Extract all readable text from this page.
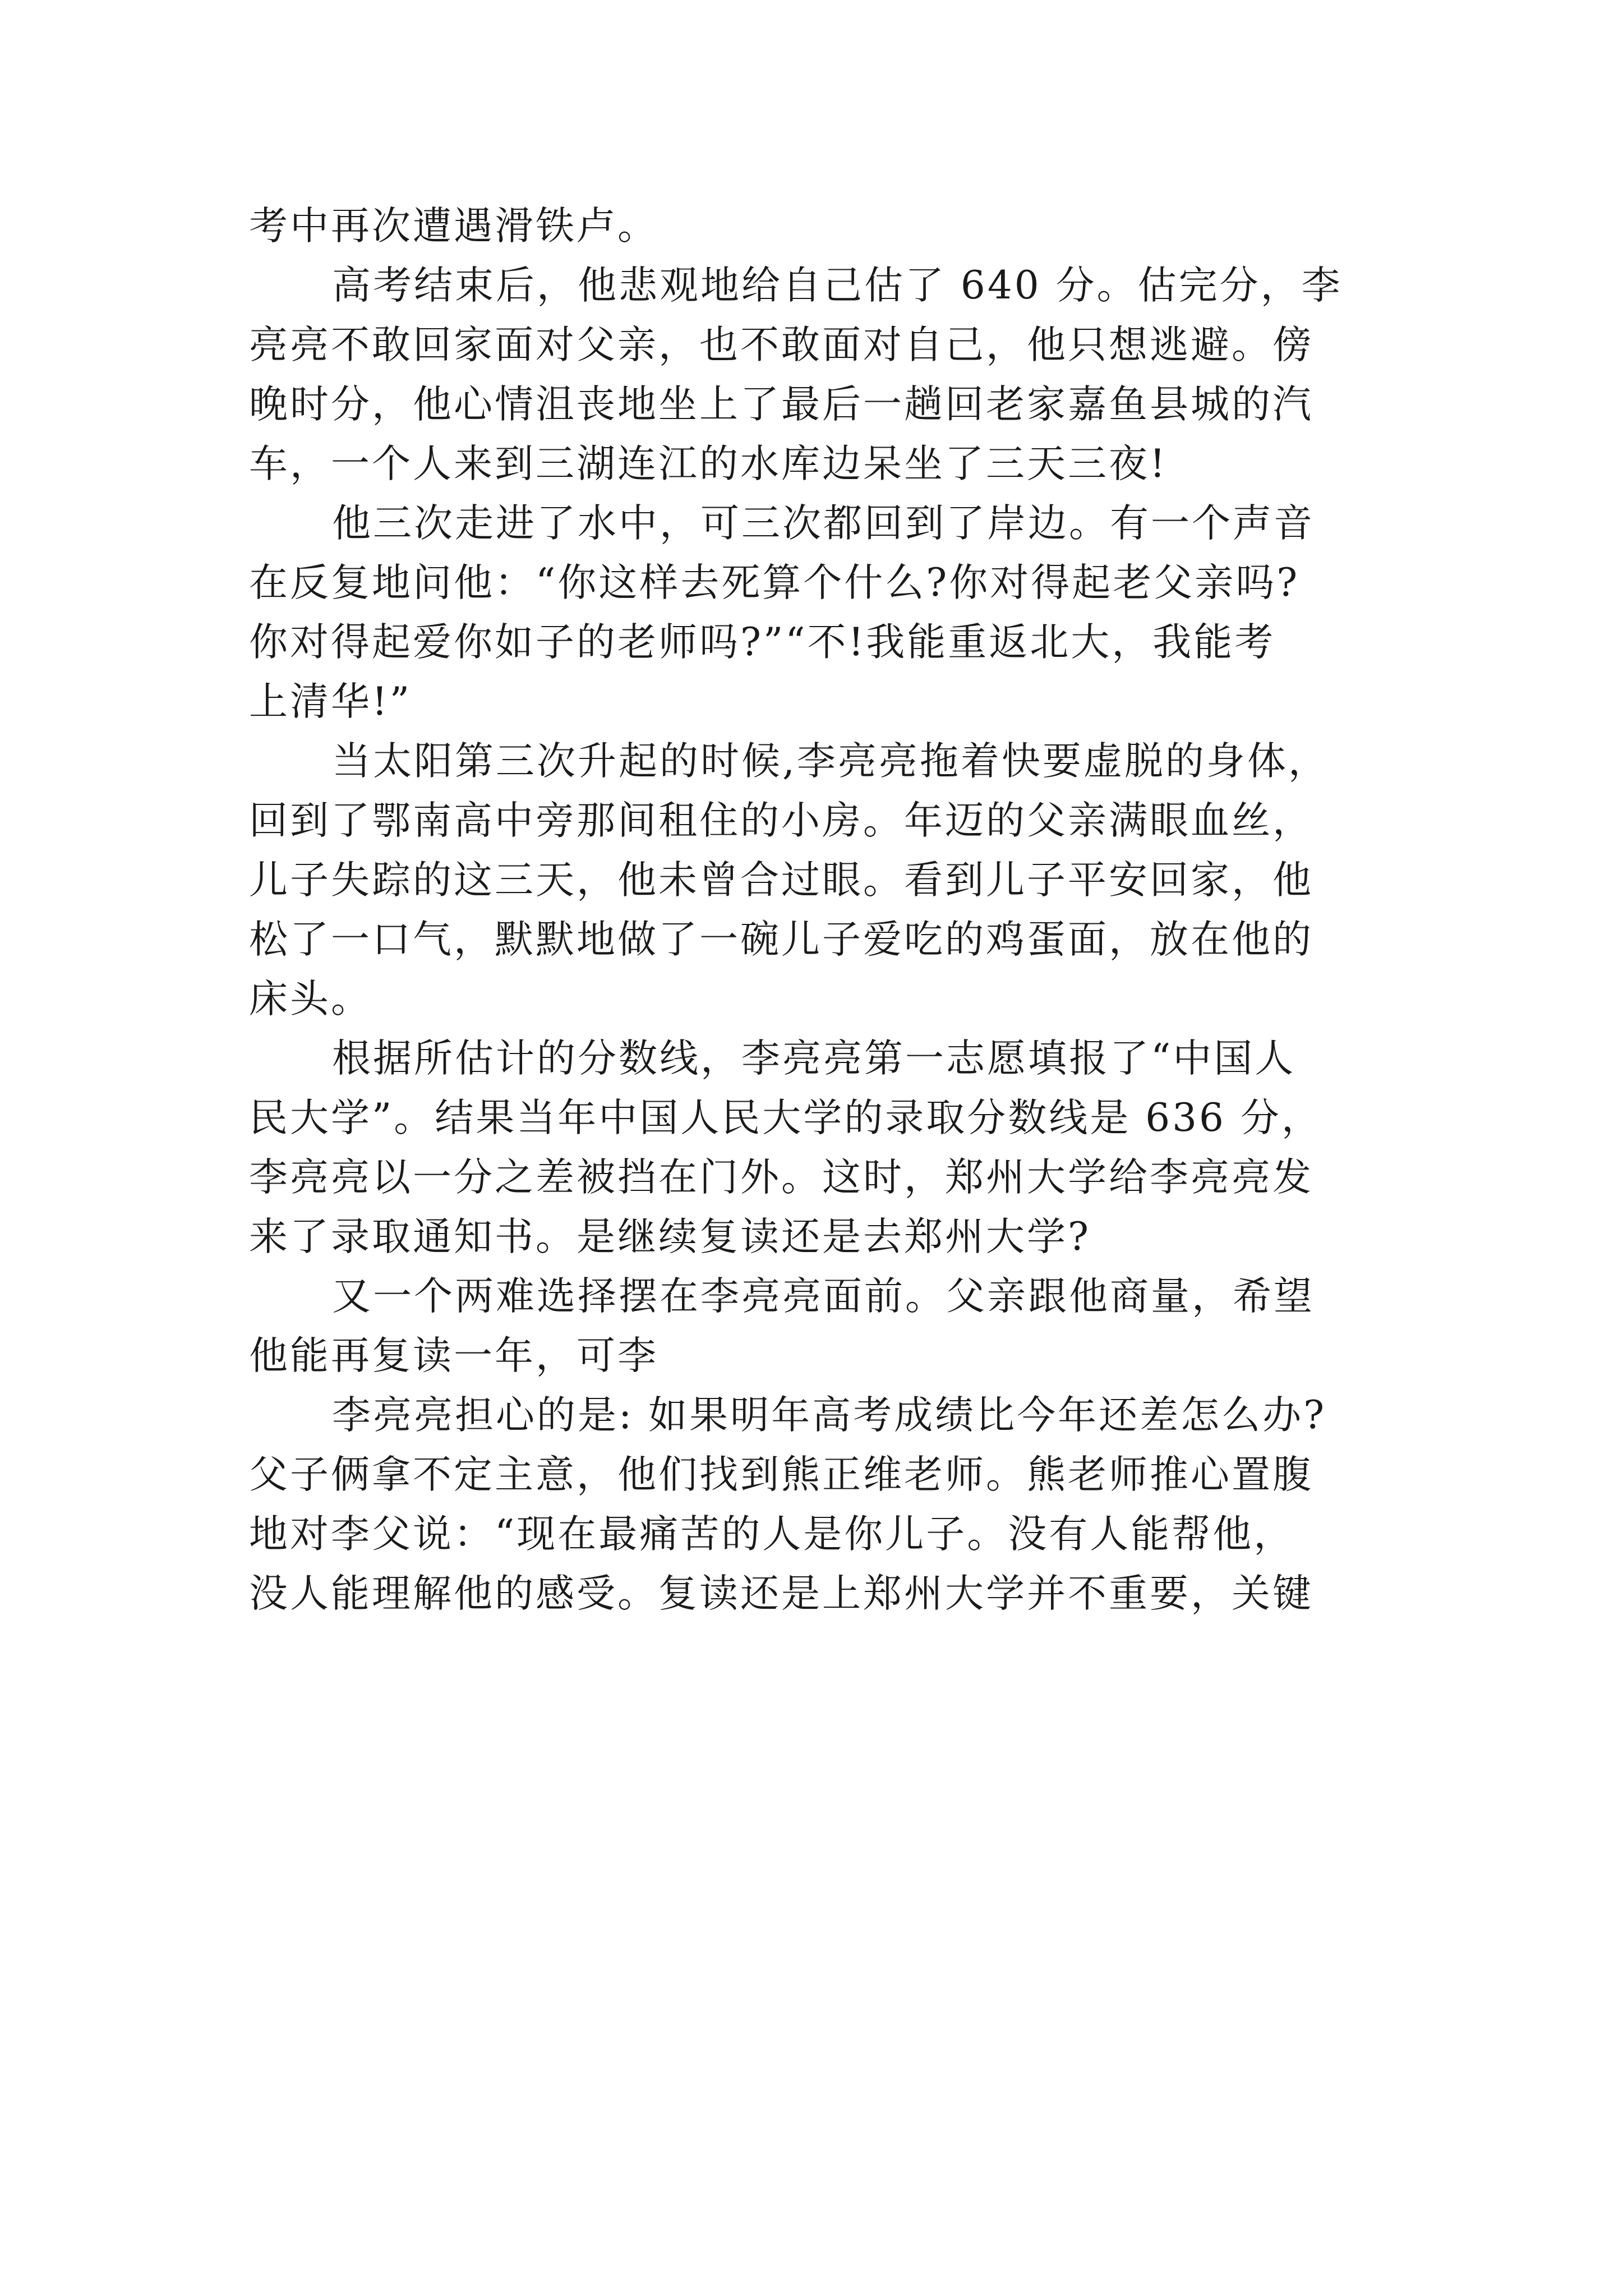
考中再次遭遇滑铁卢。
高考结束后，他悲观地给自己估了 640 分。估完分，李
亮亮不敢回家面对父亲，也不敢面对自己，他只想逃避。傍
晚时分，他心情沮丧地坐上了最后一趟回老家嘉鱼县城的汽
车，一个人来到三湖连江的水库边呆坐了三天三夜!
他三次走进了水中，可三次都回到了岸边。有一个声音
在反复地问他：“你这样去死算个什么?你对得起老父亲吗?
你对得起爱你如子的老师吗?”“不!我能重返北大，我能考
上清华!”
当太阳第三次升起的时候,李亮亮拖着快要虚脱的身体，
回到了鄂南高中旁那间租住的小房。年迈的父亲满眼血丝，
儿子失踪的这三天，他未曾合过眼。看到儿子平安回家，他
松了一口气，默默地做了一碗儿子爱吃的鸡蛋面，放在他的
床头。
根据所估计的分数线，李亮亮第一志愿填报了“中国人
民大学”。结果当年中国人民大学的录取分数线是 636 分，
李亮亮以一分之差被挡在门外。这时，郑州大学给李亮亮发
来了录取通知书。是继续复读还是去郑州大学?
又一个两难选择摆在李亮亮面前。父亲跟他商量，希望
他能再复读一年，可李
李亮亮担心的是: 如果明年高考成绩比今年还差怎么办?
父子俩拿不定主意，他们找到熊正维老师。熊老师推心置腹
地对李父说：“现在最痛苦的人是你儿子。没有人能帮他，
没人能理解他的感受。复读还是上郑州大学并不重要，关键
